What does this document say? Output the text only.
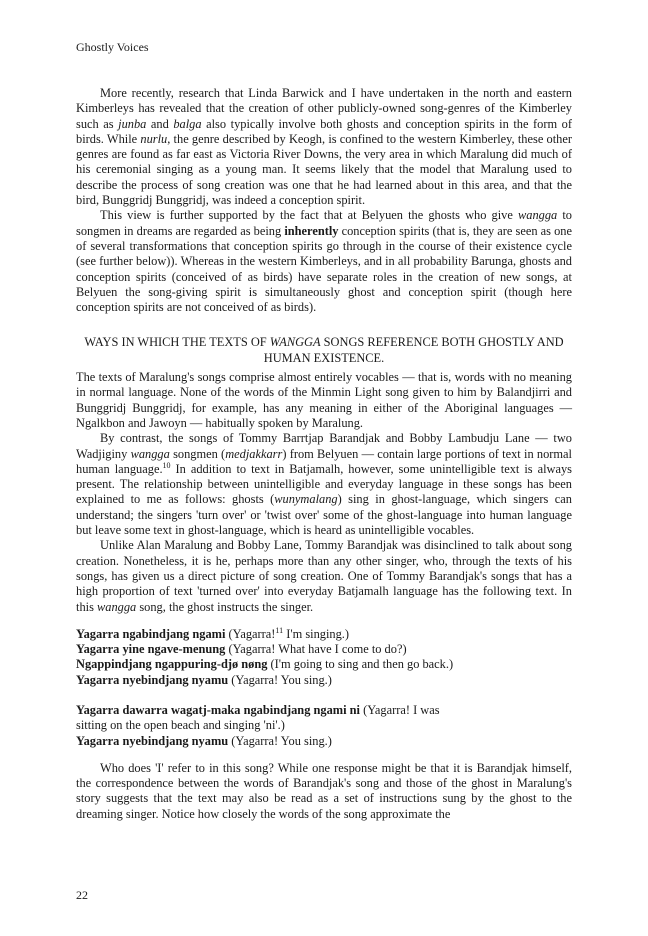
Ghostly Voices

More recently, research that Linda Barwick and I have undertaken in the north and eastern Kimberleys has revealed that the creation of other publicly-owned song-genres of the Kimberley such as junba and balga also typically involve both ghosts and conception spirits in the form of birds. While nurlu, the genre described by Keogh, is confined to the western Kimberley, these other genres are found as far east as Victoria River Downs, the very area in which Maralung did much of his ceremonial singing as a young man. It seems likely that the model that Maralung used to describe the process of song creation was one that he had learned about in this area, and that the bird, Bunggridj Bunggridj, was indeed a conception spirit.

This view is further supported by the fact that at Belyuen the ghosts who give wangga to songmen in dreams are regarded as being inherently conception spirits (that is, they are seen as one of several transformations that conception spirits go through in the course of their existence cycle (see further below)). Whereas in the western Kimberleys, and in all probability Barunga, ghosts and conception spirits (conceived of as birds) have separate roles in the creation of new songs, at Belyuen the song-giving spirit is simultaneously ghost and conception spirit (though here conception spirits are not conceived of as birds).

WAYS IN WHICH THE TEXTS OF WANGGA SONGS REFERENCE BOTH GHOSTLY AND HUMAN EXISTENCE.

The texts of Maralung's songs comprise almost entirely vocables — that is, words with no meaning in normal language. None of the words of the Minmin Light song given to him by Balandjirri and Bunggridj Bunggridj, for example, has any meaning in either of the Aboriginal languages — Ngalkbon and Jawoyn — habitually spoken by Maralung.

By contrast, the songs of Tommy Barrtjap Barandjak and Bobby Lambudju Lane — two Wadjiginy wangga songmen (medjakkarr) from Belyuen — contain large portions of text in normal human language.$^{10}$ In addition to text in Batjamalh, however, some unintelligible text is always present. The relationship between unintelligible and everyday language in these songs has been explained to me as follows: ghosts (wunymalang) sing in ghost-language, which singers can understand; the singers 'turn over' or 'twist over' some of the ghost-language into human language but leave some text in ghost-language, which is heard as unintelligible vocables.

Unlike Alan Maralung and Bobby Lane, Tommy Barandjak was disinclined to talk about song creation. Nonetheless, it is he, perhaps more than any other singer, who, through the texts of his songs, has given us a direct picture of song creation. One of Tommy Barandjak's songs that has a high proportion of text 'turned over' into everyday Batjamalh language has the following text. In this wangga song, the ghost instructs the singer.

Yagarra ngabindjang ngami (Yagarra!$^{11}$ I'm singing.)
Yagarra yine ngave-menung (Yagarra! What have I come to do?)
Ngappindjang ngappuring-djø nøng (I'm going to sing and then go back.)
Yagarra nyebindjang nyamu (Yagarra! You sing.)
Yagarra dawarra wagatj-maka ngabindjang ngami ni (Yagarra! I was
sitting on the open beach and singing 'ni'.)
Yagarra nyebindjang nyamu (Yagarra! You sing.)

Who does 'I' refer to in this song? While one response might be that it is Barandjak himself, the correspondence between the words of Barandjak's song and those of the ghost in Maralung's story suggests that the text may also be read as a set of instructions sung by the ghost to the dreaming singer. Notice how closely the words of the song approximate the

22
